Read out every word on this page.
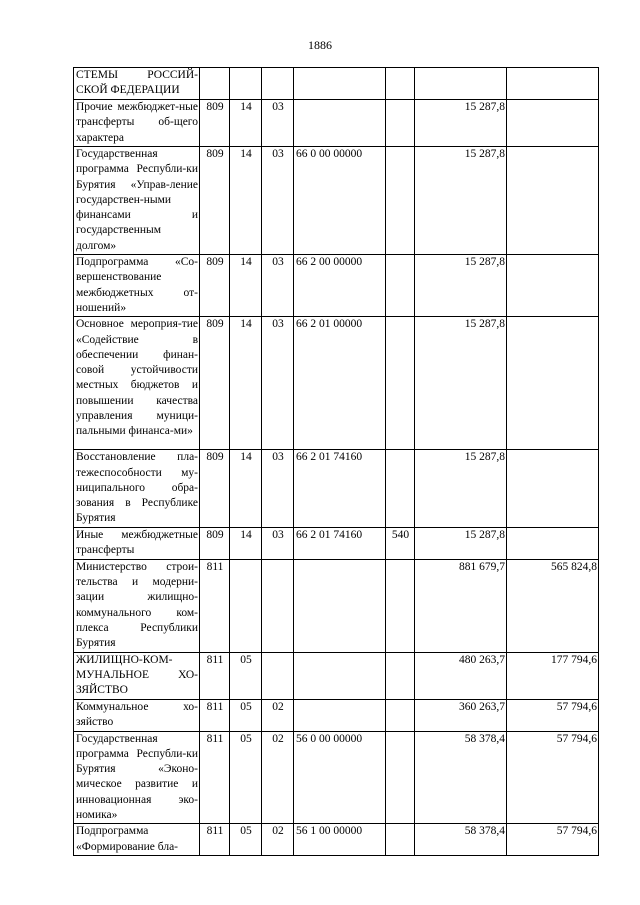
1886
СТЕМЫ РОССИЙ-СКОЙ ФЕДЕРАЦИИ							
Прочие межбюджет-ные трансферты об-щего характера	809	14	03			15 287,8	
Государственная программа Республи-ки Бурятия «Управ-ление государствен-ными финансами и государственным долгом»	809	14	03	66 0 00 00000		15 287,8	
Подпрограмма «Со-вершенствование межбюджетных от-ношений»	809	14	03	66 2 00 00000		15 287,8	
Основное мероприя-тие «Содействие в обеспечении финан-совой устойчивости местных бюджетов и повышении качества управления муници-пальными финанса-ми»	809	14	03	66 2 01 00000		15 287,8	
Восстановление пла-тежеспособности му-ниципального обра-зования в Республике Бурятия	809	14	03	66 2 01 74160		15 287,8	
Иные межбюджетные трансферты	809	14	03	66 2 01 74160	540	15 287,8	
Министерство строи-тельства и модерни-зации жилищно-коммунального ком-плекса Республики Бурятия	811					881 679,7	565 824,8
ЖИЛИЩНО-КОМ-МУНАЛЬНОЕ ХО-ЗЯЙСТВО	811	05				480 263,7	177 794,6
Коммунальное хо-зяйство	811	05	02			360 263,7	57 794,6
Государственная программа Республи-ки Бурятия «Эконо-мическое развитие и инновационная эко-номика»	811	05	02	56 0 00 00000		58 378,4	57 794,6
Подпрограмма «Формирование бла-	811	05	02	56 1 00 00000		58 378,4	57 794,6
